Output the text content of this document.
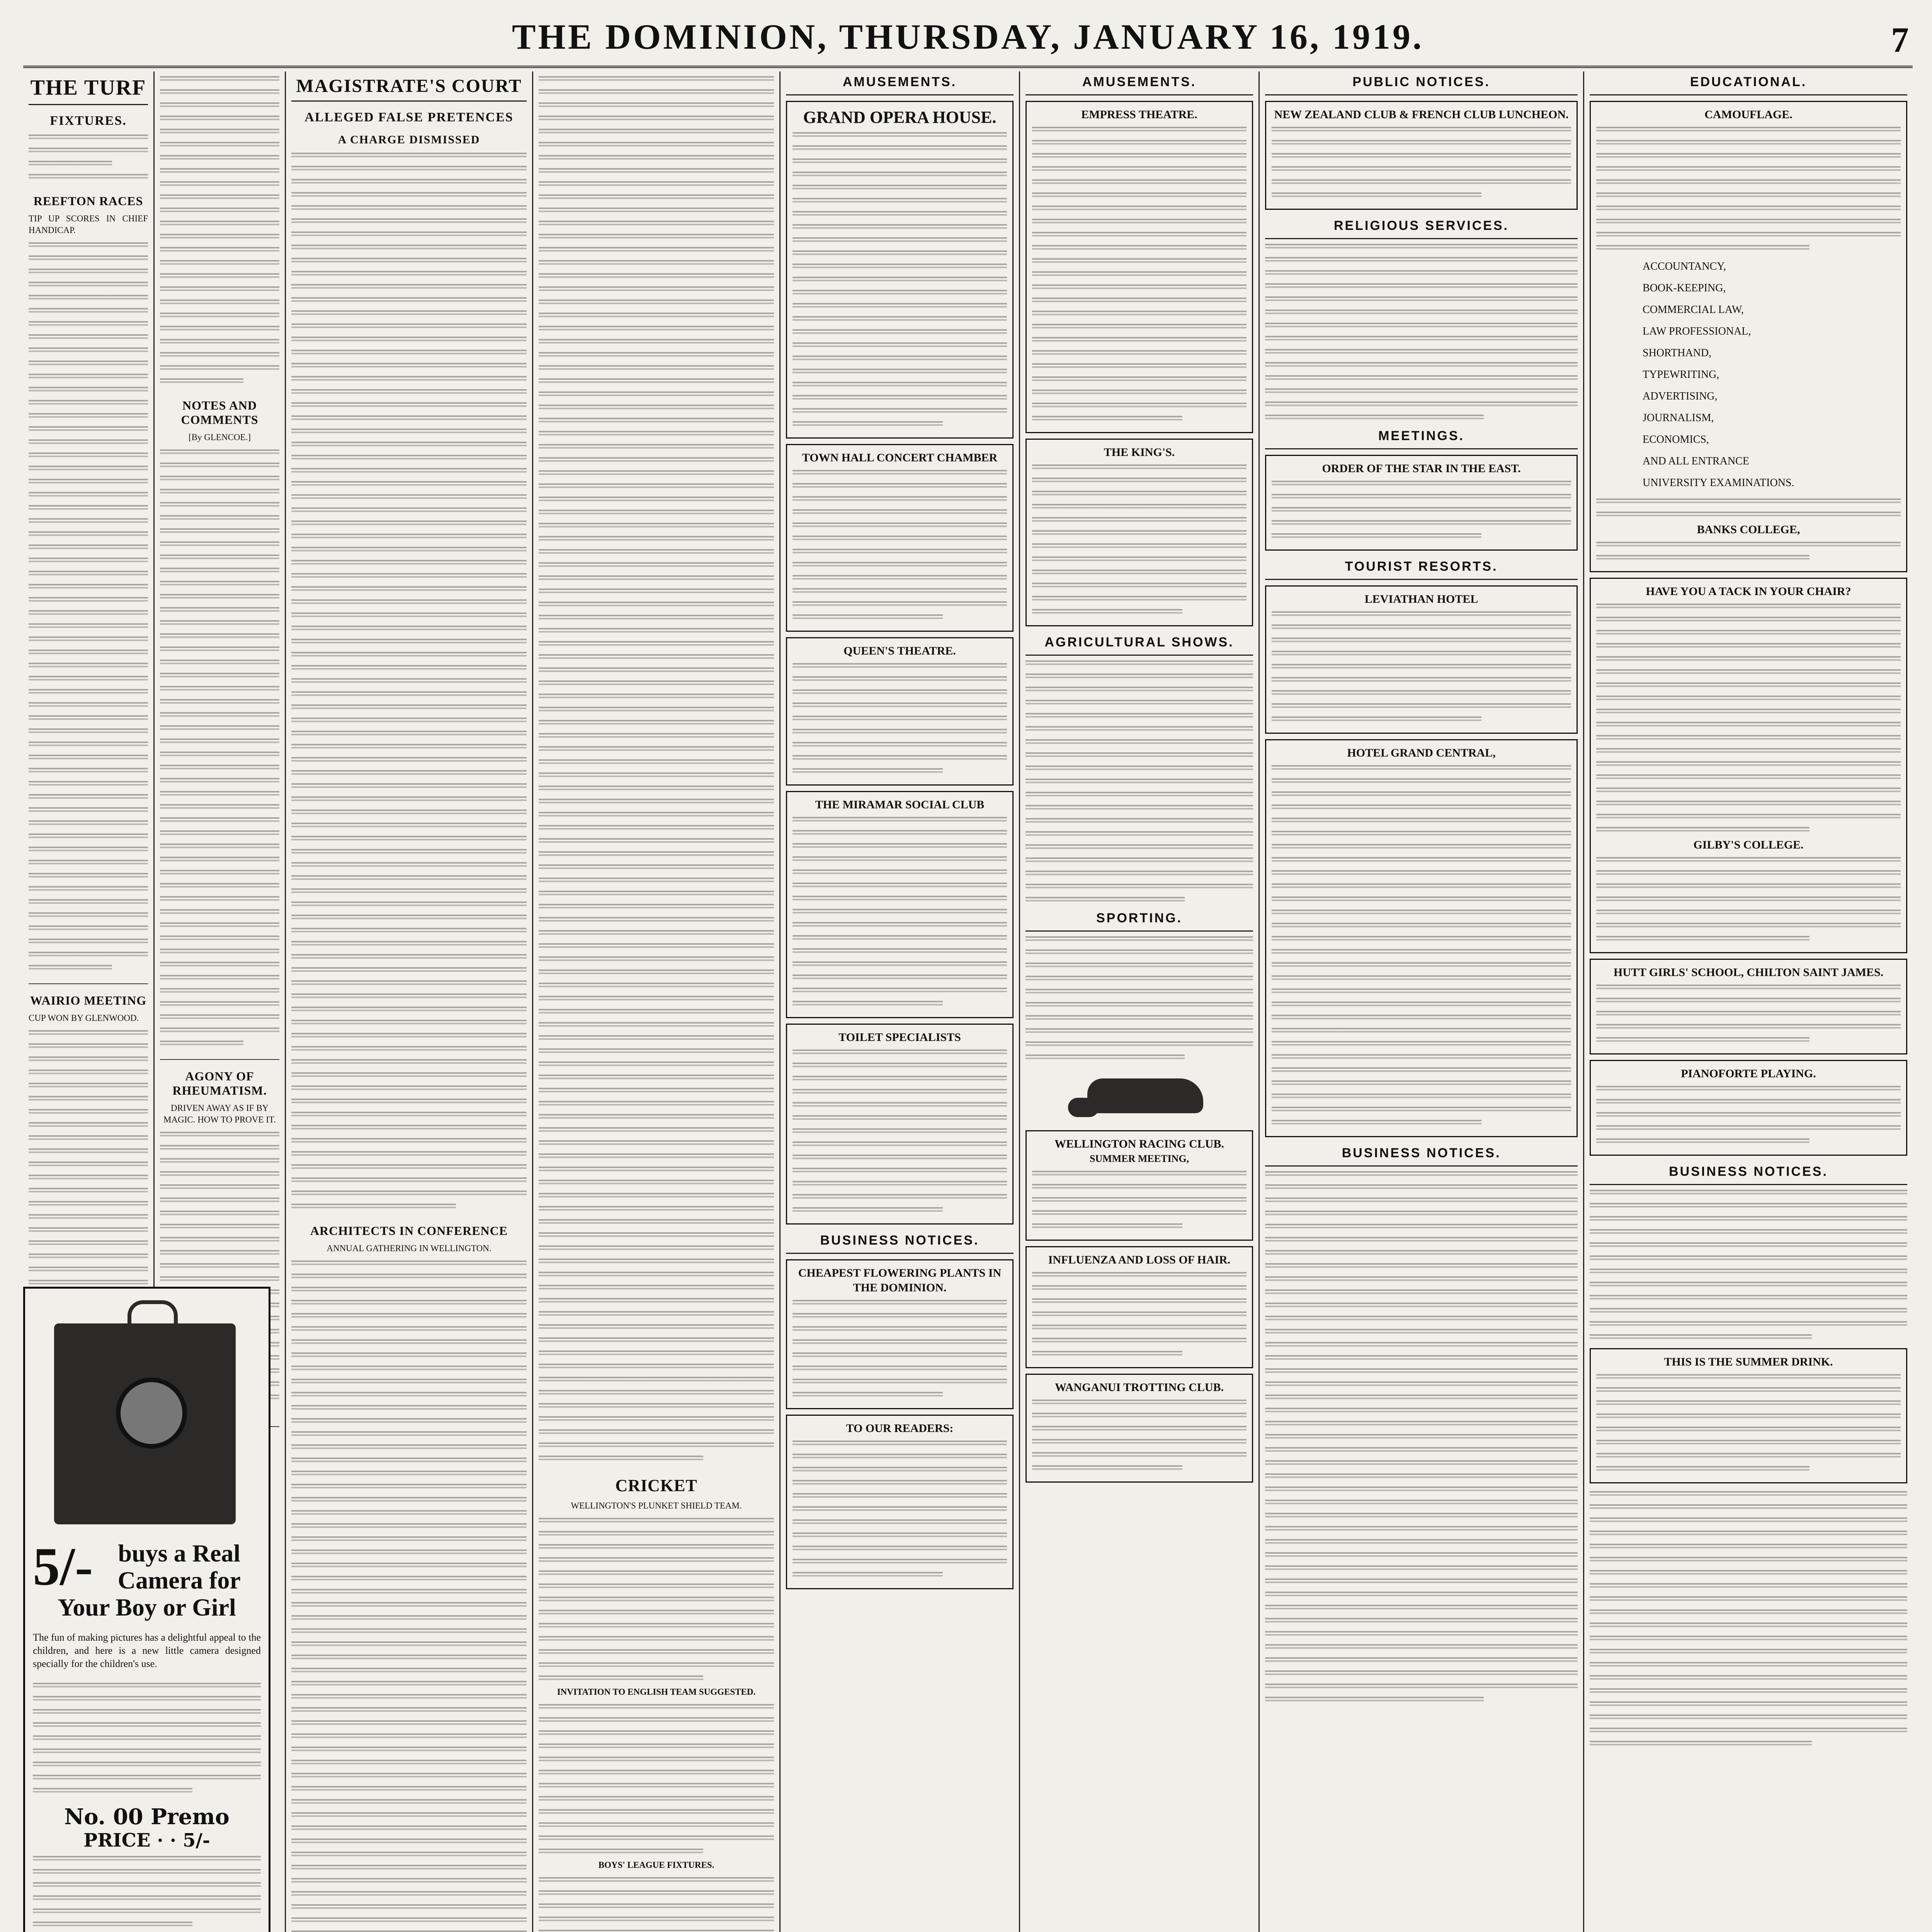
THE DOMINION, THURSDAY, JANUARY 16, 1919.	7
THE TURF
FIXTURES.
REEFTON RACES
TIP UP SCORES IN CHIEF HANDICAP.
WAIRIO MEETING
CUP WON BY GLENWOOD.
NOTES AND COMMENTS
[By GLENCOE.]
AGONY OF RHEUMATISM.
DRIVEN AWAY AS IF BY MAGIC. HOW TO PROVE IT.
5/- buys a Real Camera for Your Boy or Girl

The fun of making pictures has a delightful appeal to the children, and here is a new little camera designed specially for the children's use.

No. 00 Premo
PRICE · · 5/-

MAGISTRATE'S COURT
ALLEGED FALSE PRETENCES
A CHARGE DISMISSED
ARCHITECTS IN CONFERENCE
ANNUAL GATHERING IN WELLINGTON.
CRICKET
WELLINGTON'S PLUNKET SHIELD TEAM.
INVITATION TO ENGLISH TEAM SUGGESTED.
BOYS' LEAGUE FIXTURES.
AMUSEMENTS.
GRAND OPERA HOUSE.
TOWN HALL CONCERT CHAMBER
QUEEN'S THEATRE.
THE MIRAMAR SOCIAL CLUB
TOILET SPECIALISTS
BUSINESS NOTICES.
CHEAPEST FLOWERING PLANTS IN THE DOMINION.
TO OUR READERS:
AMUSEMENTS.
EMPRESS THEATRE.
THE KING'S.
AGRICULTURAL SHOWS.
SPORTING.
WELLINGTON RACING CLUB.
SUMMER MEETING,
INFLUENZA AND LOSS OF HAIR.
WANGANUI TROTTING CLUB.
PUBLIC NOTICES.
NEW ZEALAND CLUB & FRENCH CLUB LUNCHEON.
RELIGIOUS SERVICES.
MEETINGS.
ORDER OF THE STAR IN THE EAST.
TOURIST RESORTS.
LEVIATHAN HOTEL
HOTEL GRAND CENTRAL,
BUSINESS NOTICES.
EDUCATIONAL.
CAMOUFLAGE.
ACCOUNTANCY,
BOOK-KEEPING,
COMMERCIAL LAW,
LAW PROFESSIONAL,
SHORTHAND,
TYPEWRITING,
ADVERTISING,
JOURNALISM,
ECONOMICS,
AND ALL ENTRANCE
UNIVERSITY EXAMINATIONS.
BANKS COLLEGE,
HAVE YOU A TACK IN YOUR CHAIR?
GILBY'S COLLEGE.
HUTT GIRLS' SCHOOL, CHILTON SAINT JAMES.
PIANOFORTE PLAYING.
BUSINESS NOTICES.
THIS IS THE SUMMER DRINK.
